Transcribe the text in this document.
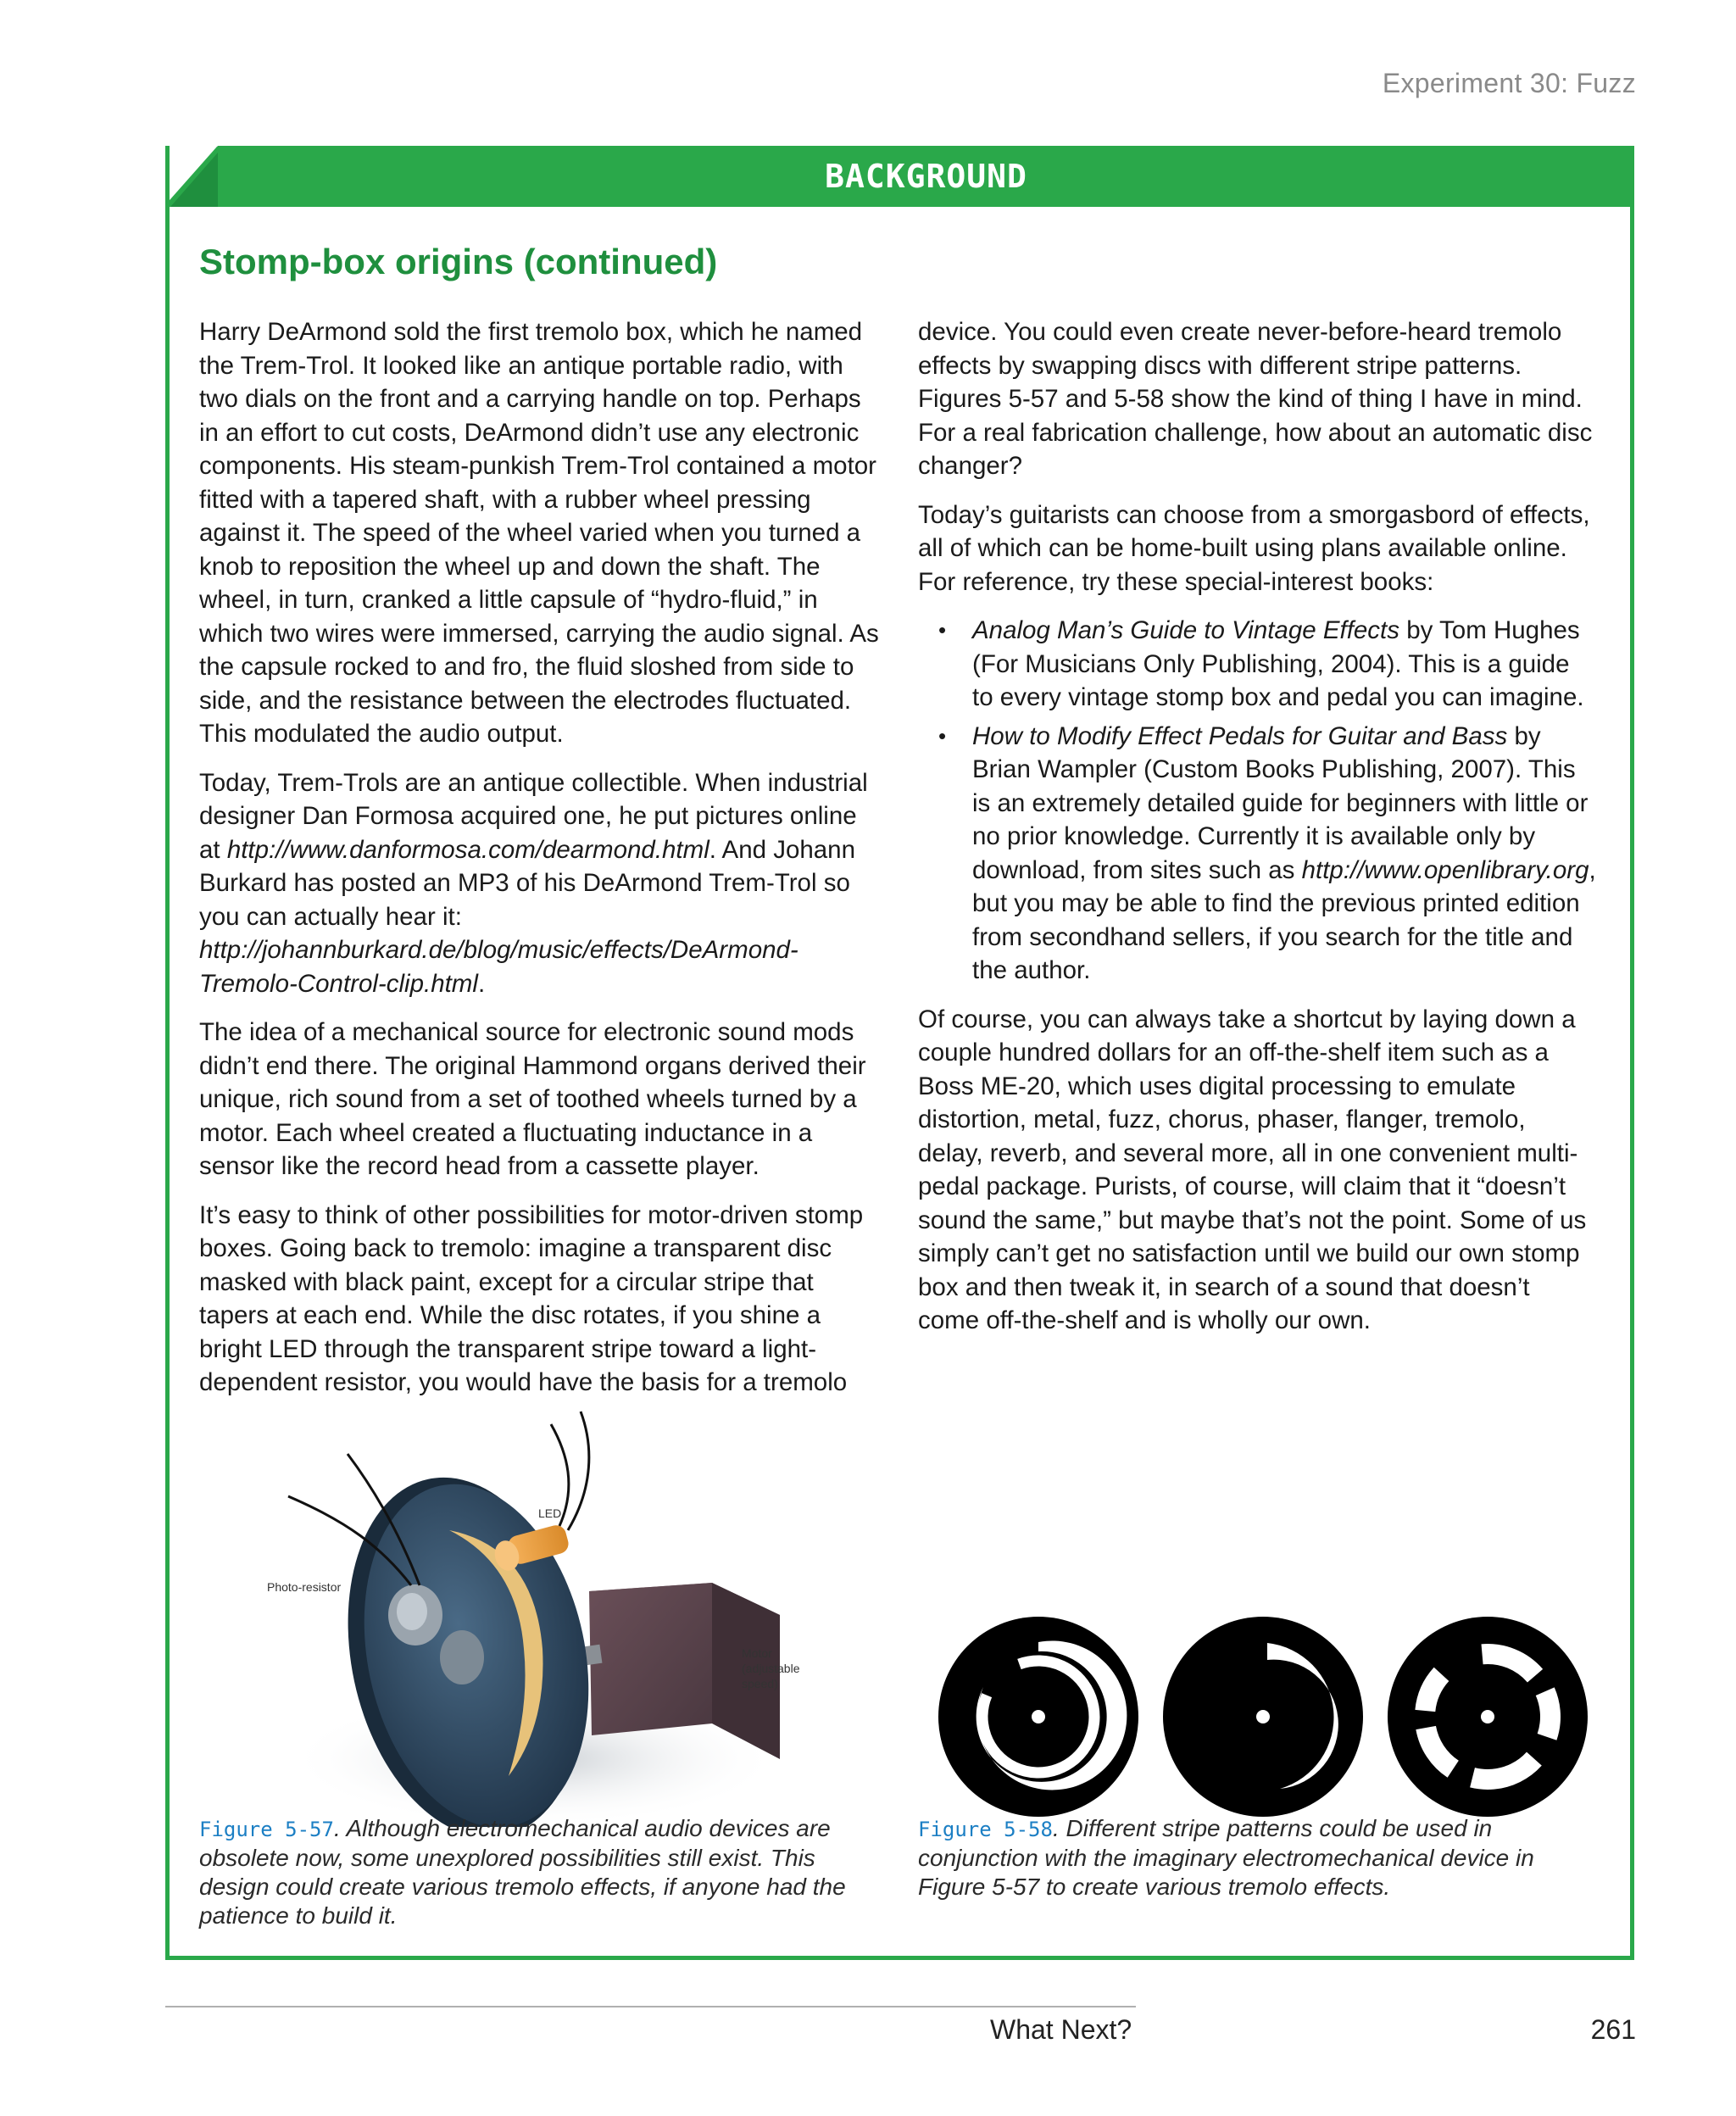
Experiment 30: Fuzz
BACKGROUND
Stomp-box origins (continued)

Harry DeArmond sold the first tremolo box, which he named the Trem-Trol. It looked like an antique portable radio, with two dials on the front and a carrying handle on top. Perhaps in an effort to cut costs, DeArmond didn’t use any electronic components. His steam-punkish Trem-Trol contained a motor fitted with a tapered shaft, with a rubber wheel pressing against it. The speed of the wheel varied when you turned a knob to reposition the wheel up and down the shaft. The wheel, in turn, cranked a little capsule of “hydro-fluid,” in which two wires were immersed, carrying the audio signal. As the capsule rocked to and fro, the fluid sloshed from side to side, and the resistance between the electrodes fluctuated. This modulated the audio output.

Today, Trem-Trols are an antique collectible. When industrial designer Dan Formosa acquired one, he put pictures online at http://www.danformosa.com/dearmond.html. And Johann Burkard has posted an MP3 of his DeArmond Trem-Trol so you can actually hear it: http://johannburkard.de/blog/music/effects/DeArmond-Tremolo-Control-clip.html.

The idea of a mechanical source for electronic sound mods didn’t end there. The original Hammond organs derived their unique, rich sound from a set of toothed wheels turned by a motor. Each wheel created a fluctuating inductance in a sensor like the record head from a cassette player.

It’s easy to think of other possibilities for motor-driven stomp boxes. Going back to tremolo: imagine a transparent disc masked with black paint, except for a circular stripe that tapers at each end. While the disc rotates, if you shine a bright LED through the transparent stripe toward a light-dependent resistor, you would have the basis for a tremolo

device. You could even create never-before-heard tremolo effects by swapping discs with different stripe patterns. Figures 5-57 and 5-58 show the kind of thing I have in mind. For a real fabrication challenge, how about an automatic disc changer?

Today’s guitarists can choose from a smorgasbord of effects, all of which can be home-built using plans available online. For reference, try these special-interest books:

• Analog Man’s Guide to Vintage Effects by Tom Hughes (For Musicians Only Publishing, 2004). This is a guide to every vintage stomp box and pedal you can imagine.
• How to Modify Effect Pedals for Guitar and Bass by Brian Wampler (Custom Books Publishing, 2007). This is an extremely detailed guide for beginners with little or no prior knowledge. Currently it is available only by download, from sites such as http://www.openlibrary.org, but you may be able to find the previous printed edition from secondhand sellers, if you search for the title and the author.

Of course, you can always take a shortcut by laying down a couple hundred dollars for an off-the-shelf item such as a Boss ME-20, which uses digital processing to emulate distortion, metal, fuzz, chorus, phaser, flanger, tremolo, delay, reverb, and several more, all in one convenient multi-pedal package. Purists, of course, will claim that it “doesn’t sound the same,” but maybe that’s not the point. Some of us simply can’t get no satisfaction until we build our own stomp box and then tweak it, in search of a sound that doesn’t come off-the-shelf and is wholly our own.

LED
Photo-resistor
Motor
(adjustable
speed)
Figure 5-57. Although electromechanical audio devices are obsolete now, some unexplored possibilities still exist. This design could create various tremolo effects, if anyone had the patience to build it.
Figure 5-58. Different stripe patterns could be used in conjunction with the imaginary electromechanical device in Figure 5-57 to create various tremolo effects.
What Next?	261
